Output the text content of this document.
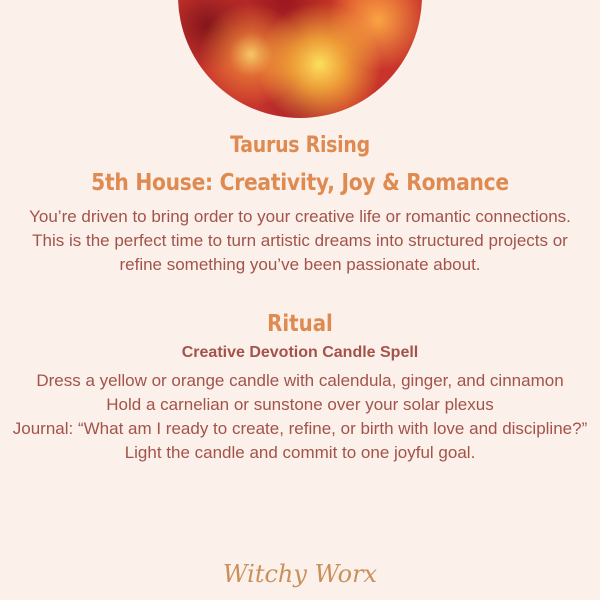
Taurus Rising
5th House: Creativity, Joy & Romance

You’re driven to bring order to your creative life or romantic connections. This is the perfect time to turn artistic dreams into structured projects or refine something you’ve been passionate about.

Ritual
Creative Devotion Candle Spell
Dress a yellow or orange candle with calendula, ginger, and cinnamon
Hold a carnelian or sunstone over your solar plexus
Journal: “What am I ready to create, refine, or birth with love and discipline?”
Light the candle and commit to one joyful goal.
Witchy Worx
